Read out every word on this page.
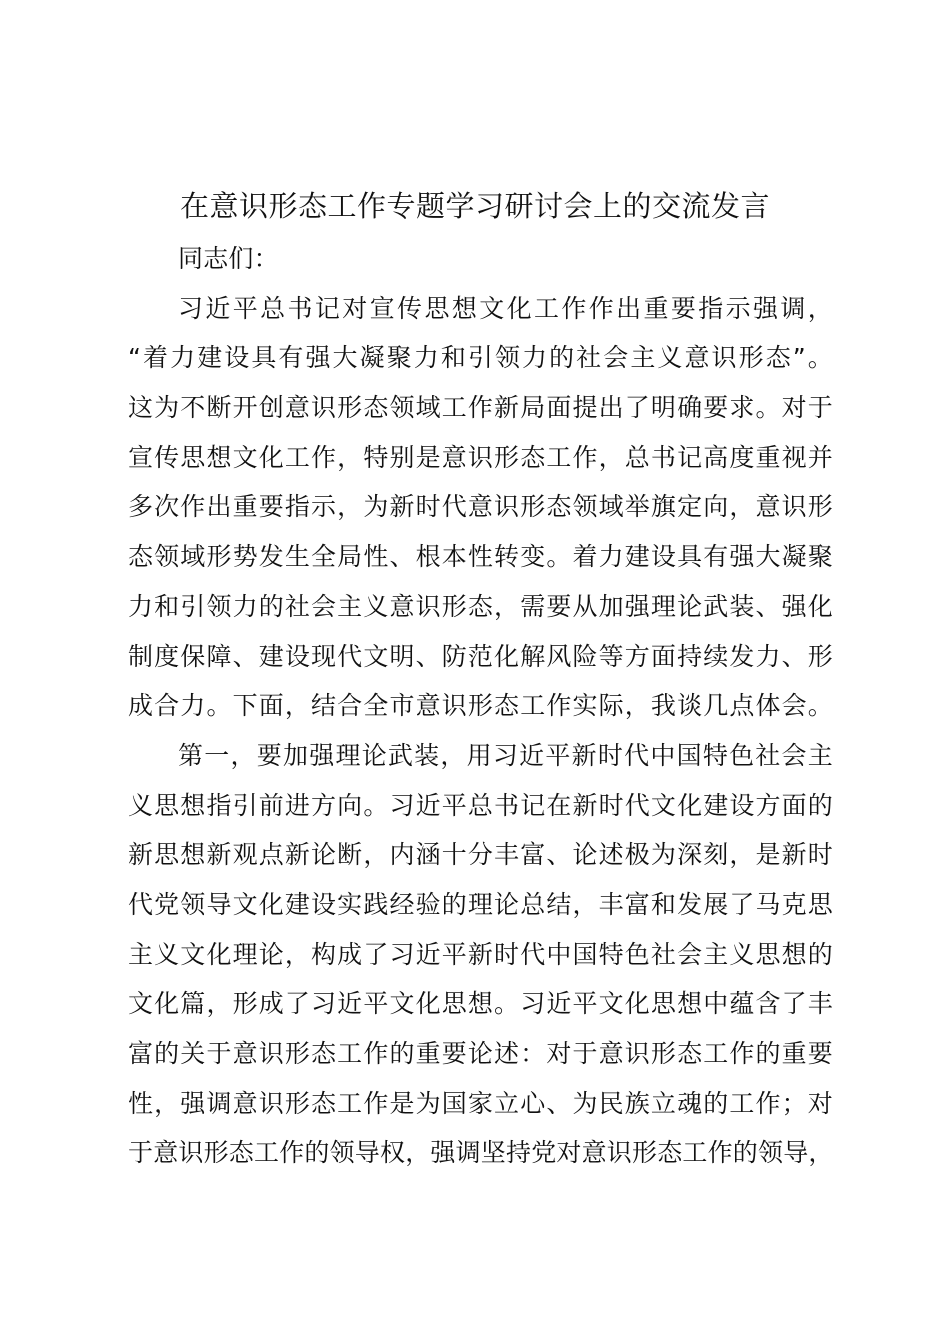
在意识形态工作专题学习研讨会上的交流发言
同志们：
习近平总书记对宣传思想文化工作作出重要指示强调，
“着力建设具有强大凝聚力和引领力的社会主义意识形态”。
这为不断开创意识形态领域工作新局面提出了明确要求。对于
宣传思想文化工作，特别是意识形态工作，总书记高度重视并
多次作出重要指示，为新时代意识形态领域举旗定向，意识形
态领域形势发生全局性、根本性转变。着力建设具有强大凝聚
力和引领力的社会主义意识形态，需要从加强理论武装、强化
制度保障、建设现代文明、防范化解风险等方面持续发力、形
成合力。下面，结合全市意识形态工作实际，我谈几点体会。
第一，要加强理论武装，用习近平新时代中国特色社会主
义思想指引前进方向。习近平总书记在新时代文化建设方面的
新思想新观点新论断，内涵十分丰富、论述极为深刻，是新时
代党领导文化建设实践经验的理论总结，丰富和发展了马克思
主义文化理论，构成了习近平新时代中国特色社会主义思想的
文化篇，形成了习近平文化思想。习近平文化思想中蕴含了丰
富的关于意识形态工作的重要论述：对于意识形态工作的重要
性，强调意识形态工作是为国家立心、为民族立魂的工作；对
于意识形态工作的领导权，强调坚持党对意识形态工作的领导，
